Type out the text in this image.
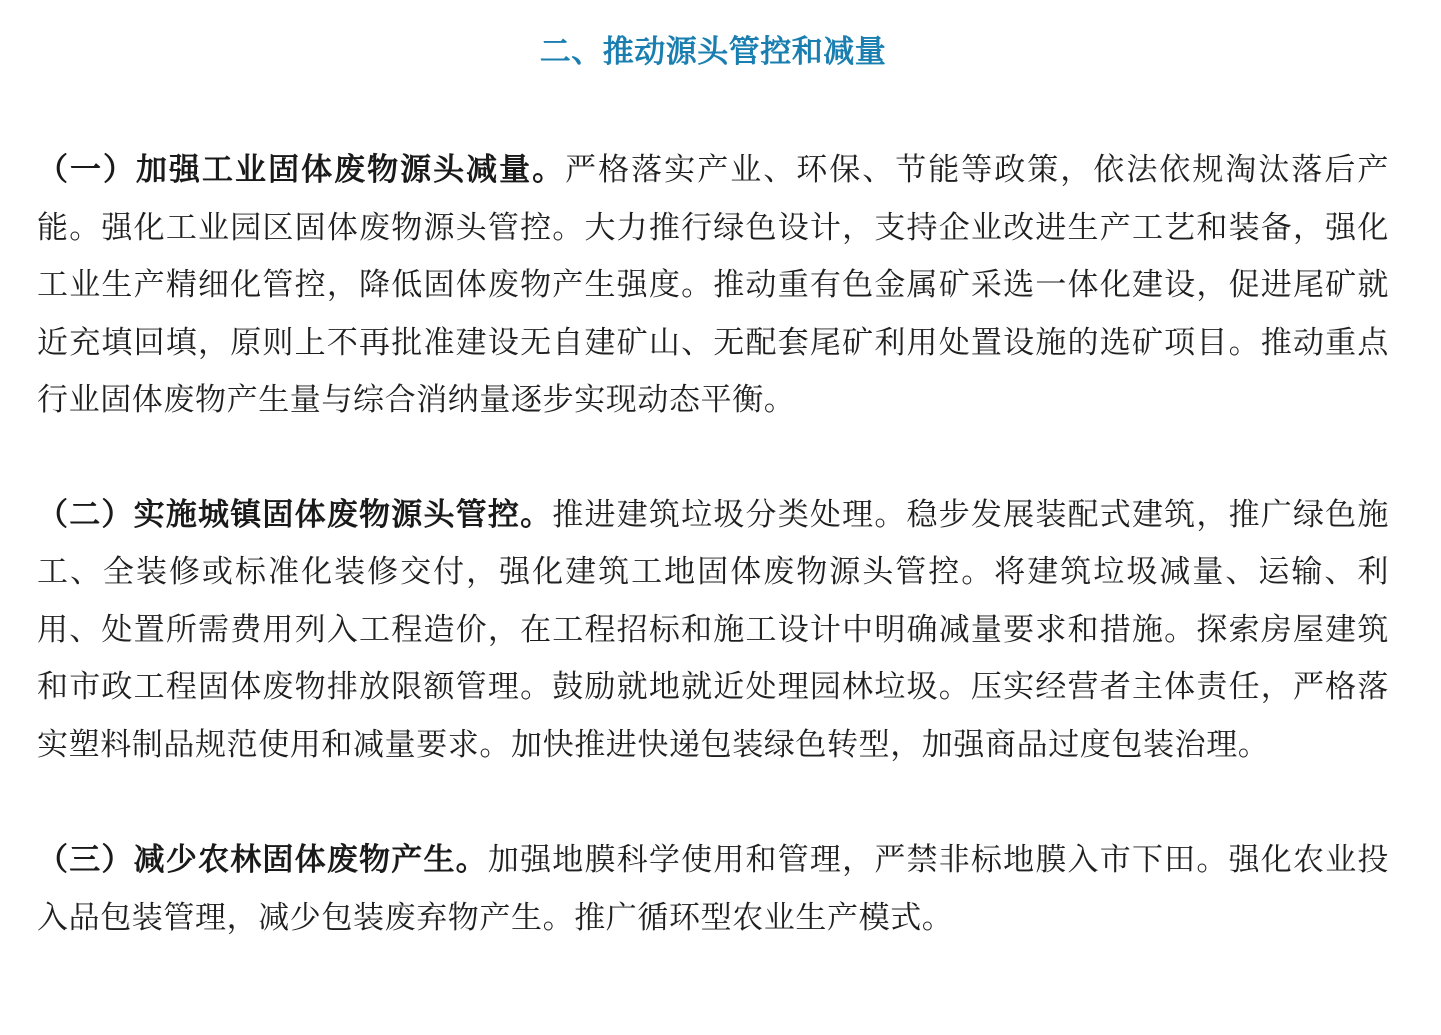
二、推动源头管控和减量

（一）加强工业固体废物源头减量。严格落实产业、环保、节能等政策，依法依规淘汰落后产能。强化工业园区固体废物源头管控。大力推行绿色设计，支持企业改进生产工艺和装备，强化工业生产精细化管控，降低固体废物产生强度。推动重有色金属矿采选一体化建设，促进尾矿就近充填回填，原则上不再批准建设无自建矿山、无配套尾矿利用处置设施的选矿项目。推动重点行业固体废物产生量与综合消纳量逐步实现动态平衡。

（二）实施城镇固体废物源头管控。推进建筑垃圾分类处理。稳步发展装配式建筑，推广绿色施工、全装修或标准化装修交付，强化建筑工地固体废物源头管控。将建筑垃圾减量、运输、利用、处置所需费用列入工程造价，在工程招标和施工设计中明确减量要求和措施。探索房屋建筑和市政工程固体废物排放限额管理。鼓励就地就近处理园林垃圾。压实经营者主体责任，严格落实塑料制品规范使用和减量要求。加快推进快递包装绿色转型，加强商品过度包装治理。

（三）减少农林固体废物产生。加强地膜科学使用和管理，严禁非标地膜入市下田。强化农业投入品包装管理，减少包装废弃物产生。推广循环型农业生产模式。
